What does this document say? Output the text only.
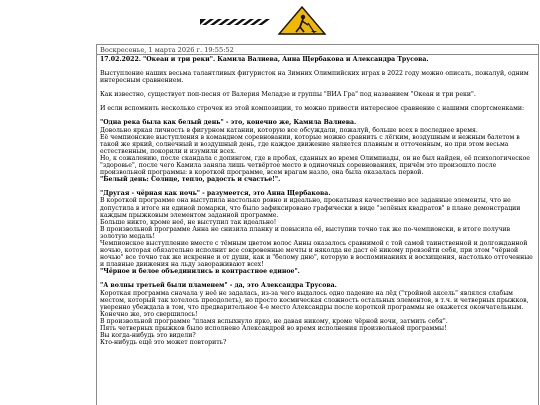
Воскресенье, 1 марта 2026 г. 19:55:52

17.02.2022. "Океан и три реки". Камила Валиева, Анна Щербакова и Александра Трусова.

Выступление наших весьма талантливых фигуристок на Зимних Олимпийских играх в 2022 году можно описать, пожалуй, одним интересным сравнением.

Как известно, существует поп-песня от Валерия Меладзе и группы "ВИА Гра" под названием "Океан и три реки".

И если вспомнить несколько строчек из этой композиции, то можно привести интересное сравнение с нашими спортсменками:

"Одна река была как белый день" - это, конечно же, Камила Валиева.

Довольно яркая личность в фигурном катании, которую все обсуждали, пожалуй, больше всех в последнее время.

Её чемпионские выступления в командном соревновании, которые можно сравнить с лёгким, воздушным и нежным балетом в такой же яркий, солнечный и воздушный день, где каждое движение является плавным и отточенным, но при этом весьма естественным, покорили и изумили всех.

Но, к сожалению, после скандала с допингом, где в пробах, сданных во время Олимпиады, он не был найден, её психологическое "здоровье", после чего Камила заняла лишь четвёртое место в одиночных соревнованиях, причём это произошло после произвольной программы: в короткой программе, всем врагам назло, она была оказалась первой.

"Белый день: Солнце, тепло, радость и счастье!".

"Другая - чёрная как ночь" - разумеется, это Анна Щербакова.

В короткой программе она выступила настолько ровно и идеально, прокатывая качественно все заданные элементы, что не допустила в итоге ни единой помарки, что было зафиксировано графически в виде "зелёных квадратов" в плане демонстрации каждым прыжковым элементом заданной программе.

Больше никто, кроме неё, не выступил так идеально!

В произвольной программе Анна не снизила планку и повысила её, выступив точно так же по-чемпионски, в итоге получив золотую медаль!

Чемпионское выступление вместе с тёмным цветом волос Анны оказалось сравнимой с той самой таинственной и долгожданной ночью, которая обязательно исполнит все сокровенные мечты и няколда не даст её никому превзойти себя, при этом "чёрной ночью" все точно так же искренне и от души, как и "белому дню", которую в воспоминаниях и восхищения, настолько отточенные и плавные движения на льду завораживают всех!

"Чёрное и белое объединились в контрастное единое".

"А волны третьей были пламенем" - да, это Александра Трусова.

Короткая программа сначала у неё не задалась, из-за чего выдалось одно падение на лёд ("тройной аксель" являлся слабым местом, который так хотелось преодолеть), но просто космическая сложность остальных элементов, в т.ч. и четверных прыжков, уверенно убеждала в том, что предварительное 4-е место Александры после короткой программы не окажется окончательным.

Конечно же, это свершилось!

В произвольной программе "пламя вспыхнуло ярко, не давая никому, кроме чёрной ночи, затмить себя".

Пять четверных прыжков было исполнено Александрой во время исполнения произвольной программы!

Вы когда-нибудь это видели?

Кто-нибудь ещё это может повторить?
